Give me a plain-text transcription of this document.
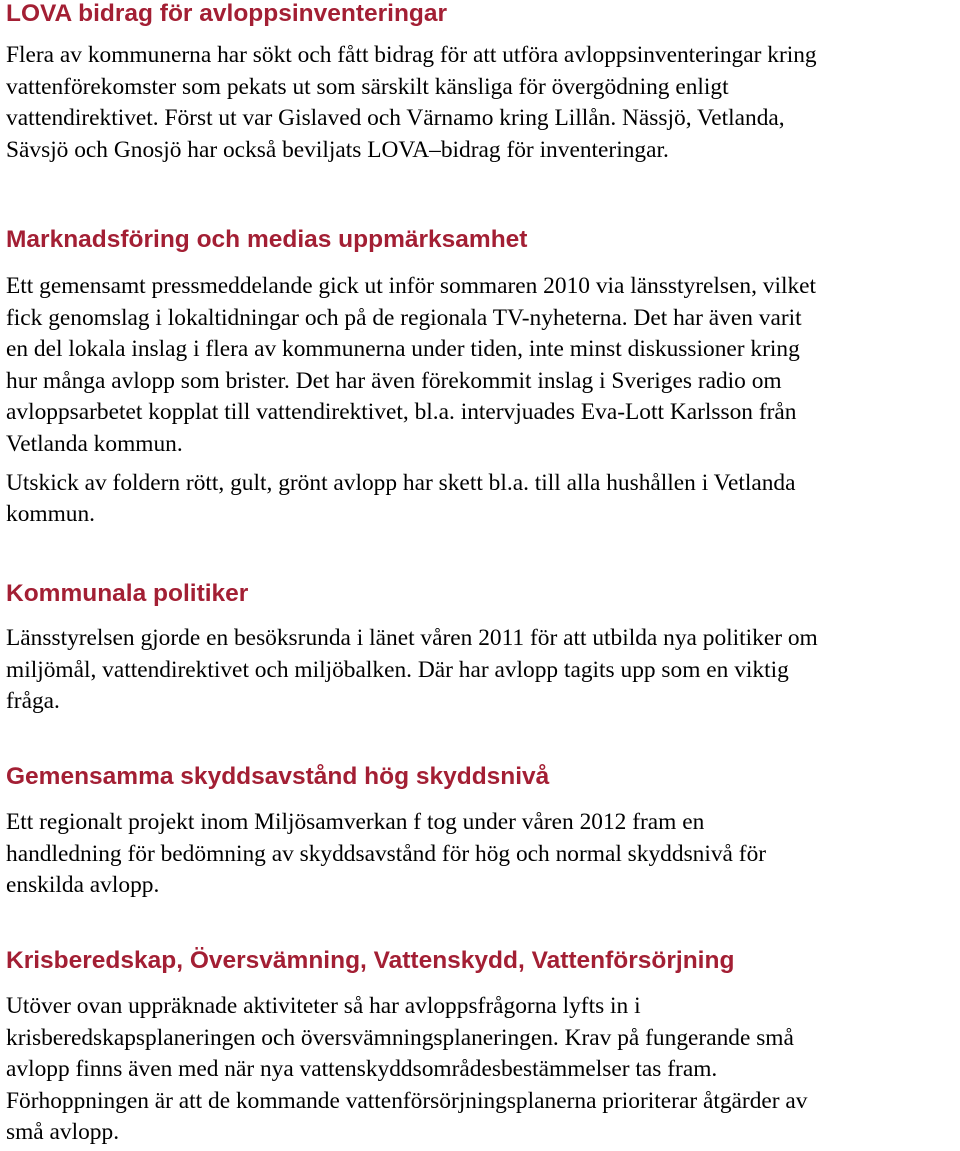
LOVA bidrag för avloppsinventeringar

Flera av kommunerna har sökt och fått bidrag för att utföra avloppsinventeringar kring
vattenförekomster som pekats ut som särskilt känsliga för övergödning enligt
vattendirektivet. Först ut var Gislaved och Värnamo kring Lillån. Nässjö, Vetlanda,
Sävsjö och Gnosjö har också beviljats LOVA–bidrag för inventeringar.

Marknadsföring och medias uppmärksamhet

Ett gemensamt pressmeddelande gick ut inför sommaren 2010 via länsstyrelsen, vilket
fick genomslag i lokaltidningar och på de regionala TV-nyheterna. Det har även varit
en del lokala inslag i flera av kommunerna under tiden, inte minst diskussioner kring
hur många avlopp som brister. Det har även förekommit inslag i Sveriges radio om
avloppsarbetet kopplat till vattendirektivet, bl.a. intervjuades Eva-Lott Karlsson från
Vetlanda kommun.

Utskick av foldern rött, gult, grönt avlopp har skett bl.a. till alla hushållen i Vetlanda
kommun.

Kommunala politiker

Länsstyrelsen gjorde en besöksrunda i länet våren 2011 för att utbilda nya politiker om
miljömål, vattendirektivet och miljöbalken. Där har avlopp tagits upp som en viktig
fråga.

Gemensamma skyddsavstånd hög skyddsnivå

Ett regionalt projekt inom Miljösamverkan f tog under våren 2012 fram en
handledning för bedömning av skyddsavstånd för hög och normal skyddsnivå för
enskilda avlopp.

Krisberedskap, Översvämning, Vattenskydd, Vattenförsörjning

Utöver ovan uppräknade aktiviteter så har avloppsfrågorna lyfts in i
krisberedskapsplaneringen och översvämningsplaneringen. Krav på fungerande små
avlopp finns även med när nya vattenskyddsområdesbestämmelser tas fram.
Förhoppningen är att de kommande vattenförsörjningsplanerna prioriterar åtgärder av
små avlopp.
